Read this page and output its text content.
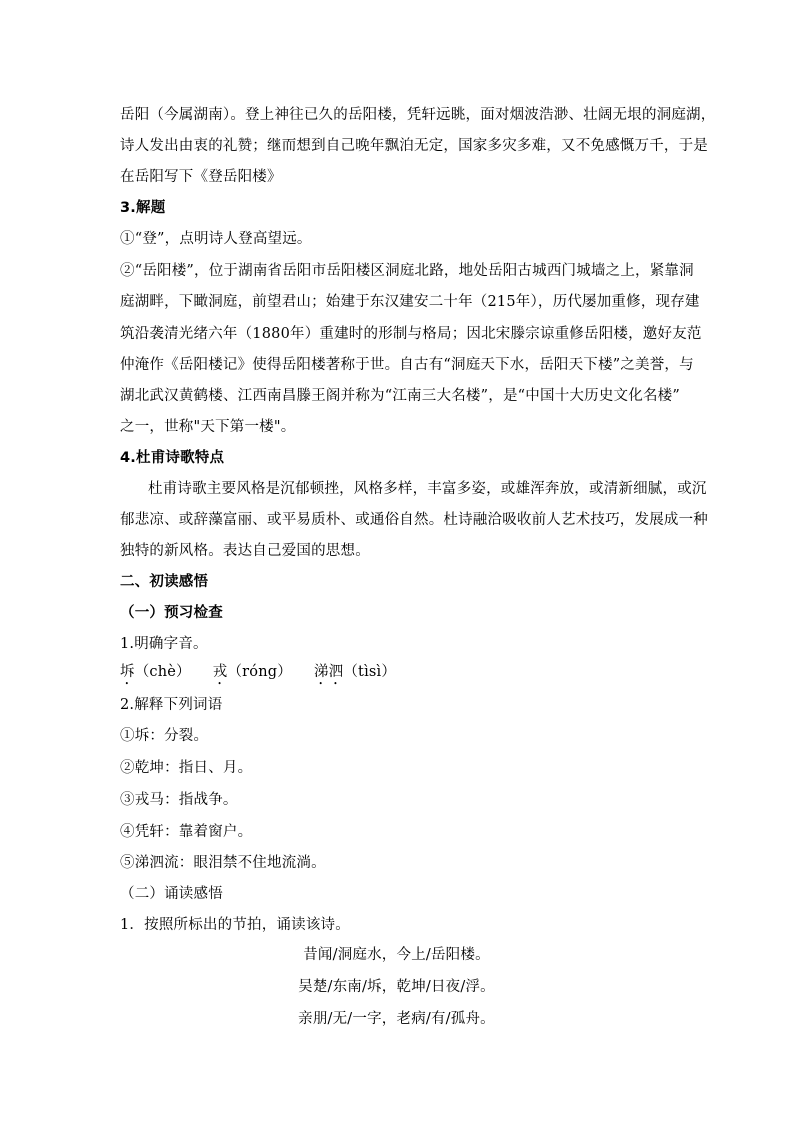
岳阳（今属湖南）。登上神往已久的岳阳楼，凭轩远眺，面对烟波浩渺、壮阔无垠的洞庭湖，
诗人发出由衷的礼赞；继而想到自己晚年飘泊无定，国家多灾多难，又不免感慨万千，于是
在岳阳写下《登岳阳楼》
3.解题
①“登”，点明诗人登高望远。
②“岳阳楼”，位于湖南省岳阳市岳阳楼区洞庭北路，地处岳阳古城西门城墙之上，紧靠洞
庭湖畔，下瞰洞庭，前望君山；始建于东汉建安二十年（215年），历代屡加重修，现存建
筑沿袭清光绪六年（1880年）重建时的形制与格局；因北宋滕宗谅重修岳阳楼，邀好友范
仲淹作《岳阳楼记》使得岳阳楼著称于世。自古有“洞庭天下水，岳阳天下楼”之美誉，与
湖北武汉黄鹤楼、江西南昌滕王阁并称为“江南三大名楼”，是“中国十大历史文化名楼”
之一，世称"天下第一楼"。
4.杜甫诗歌特点
杜甫诗歌主要风格是沉郁顿挫，风格多样，丰富多姿，或雄浑奔放，或清新细腻，或沉
郁悲凉、或辞藻富丽、或平易质朴、或通俗自然。杜诗融洽吸收前人艺术技巧，发展成一种
独特的新风格。表达自己爱国的思想。
二、初读感悟
（一）预习检查
1.明确字音。
坼（chè） 戎（róng） 涕泗（tìsì）
2.解释下列词语
①坼：分裂。
②乾坤：指日、月。
③戎马：指战争。
④凭轩：靠着窗户。
⑤涕泗流：眼泪禁不住地流淌。
（二）诵读感悟
1．按照所标出的节拍，诵读该诗。
昔闻/洞庭水，今上/岳阳楼。
吴楚/东南/坼，乾坤/日夜/浮。
亲朋/无/一字，老病/有/孤舟。
